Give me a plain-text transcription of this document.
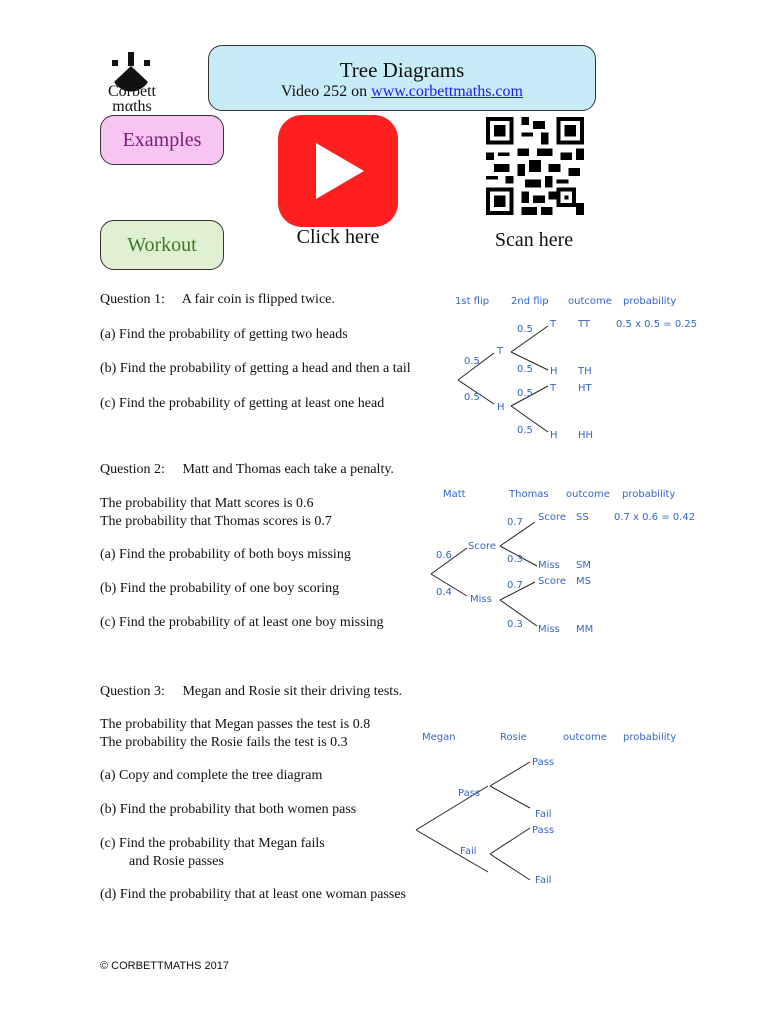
Corbett
mαths
Tree Diagrams
Video 252 on www.corbettmaths.com
Examples
Workout	Click here	Scan here
Question 1: A fair coin is flipped twice.
(a) Find the probability of getting two heads
(b) Find the probability of getting a head and then a tail
(c) Find the probability of getting at least one head
1st flip 2nd flip outcome probability
0.5
0.5
T
H
0.5
0.5
0.5
0.5
T
H
T
H
TT
TH
HT
HH
0.5 x 0.5 = 0.25
Question 2: Matt and Thomas each take a penalty.
The probability that Matt scores is 0.6
The probability that Thomas scores is 0.7
(a) Find the probability of both boys missing
(b) Find the probability of one boy scoring
(c) Find the probability of at least one boy missing
Matt	Thomas outcome probability
0.6
0.4
Score
Miss
0.7
0.3
0.7
0.3
Score
Miss
Score
Miss
SS
SM
MS
MM
0.7 x 0.6 = 0.42
Question 3: Megan and Rosie sit their driving tests.
The probability that Megan passes the test is 0.8
The probability the Rosie fails the test is 0.3
(a) Copy and complete the tree diagram
(b) Find the probability that both women pass
(c) Find the probability that Megan fails
and Rosie passes
(d) Find the probability that at least one woman passes
Megan	Rosie	outcome probability
Pass
Fail
Pass
Fail
Pass
Fail
© CORBETTMATHS 2017
